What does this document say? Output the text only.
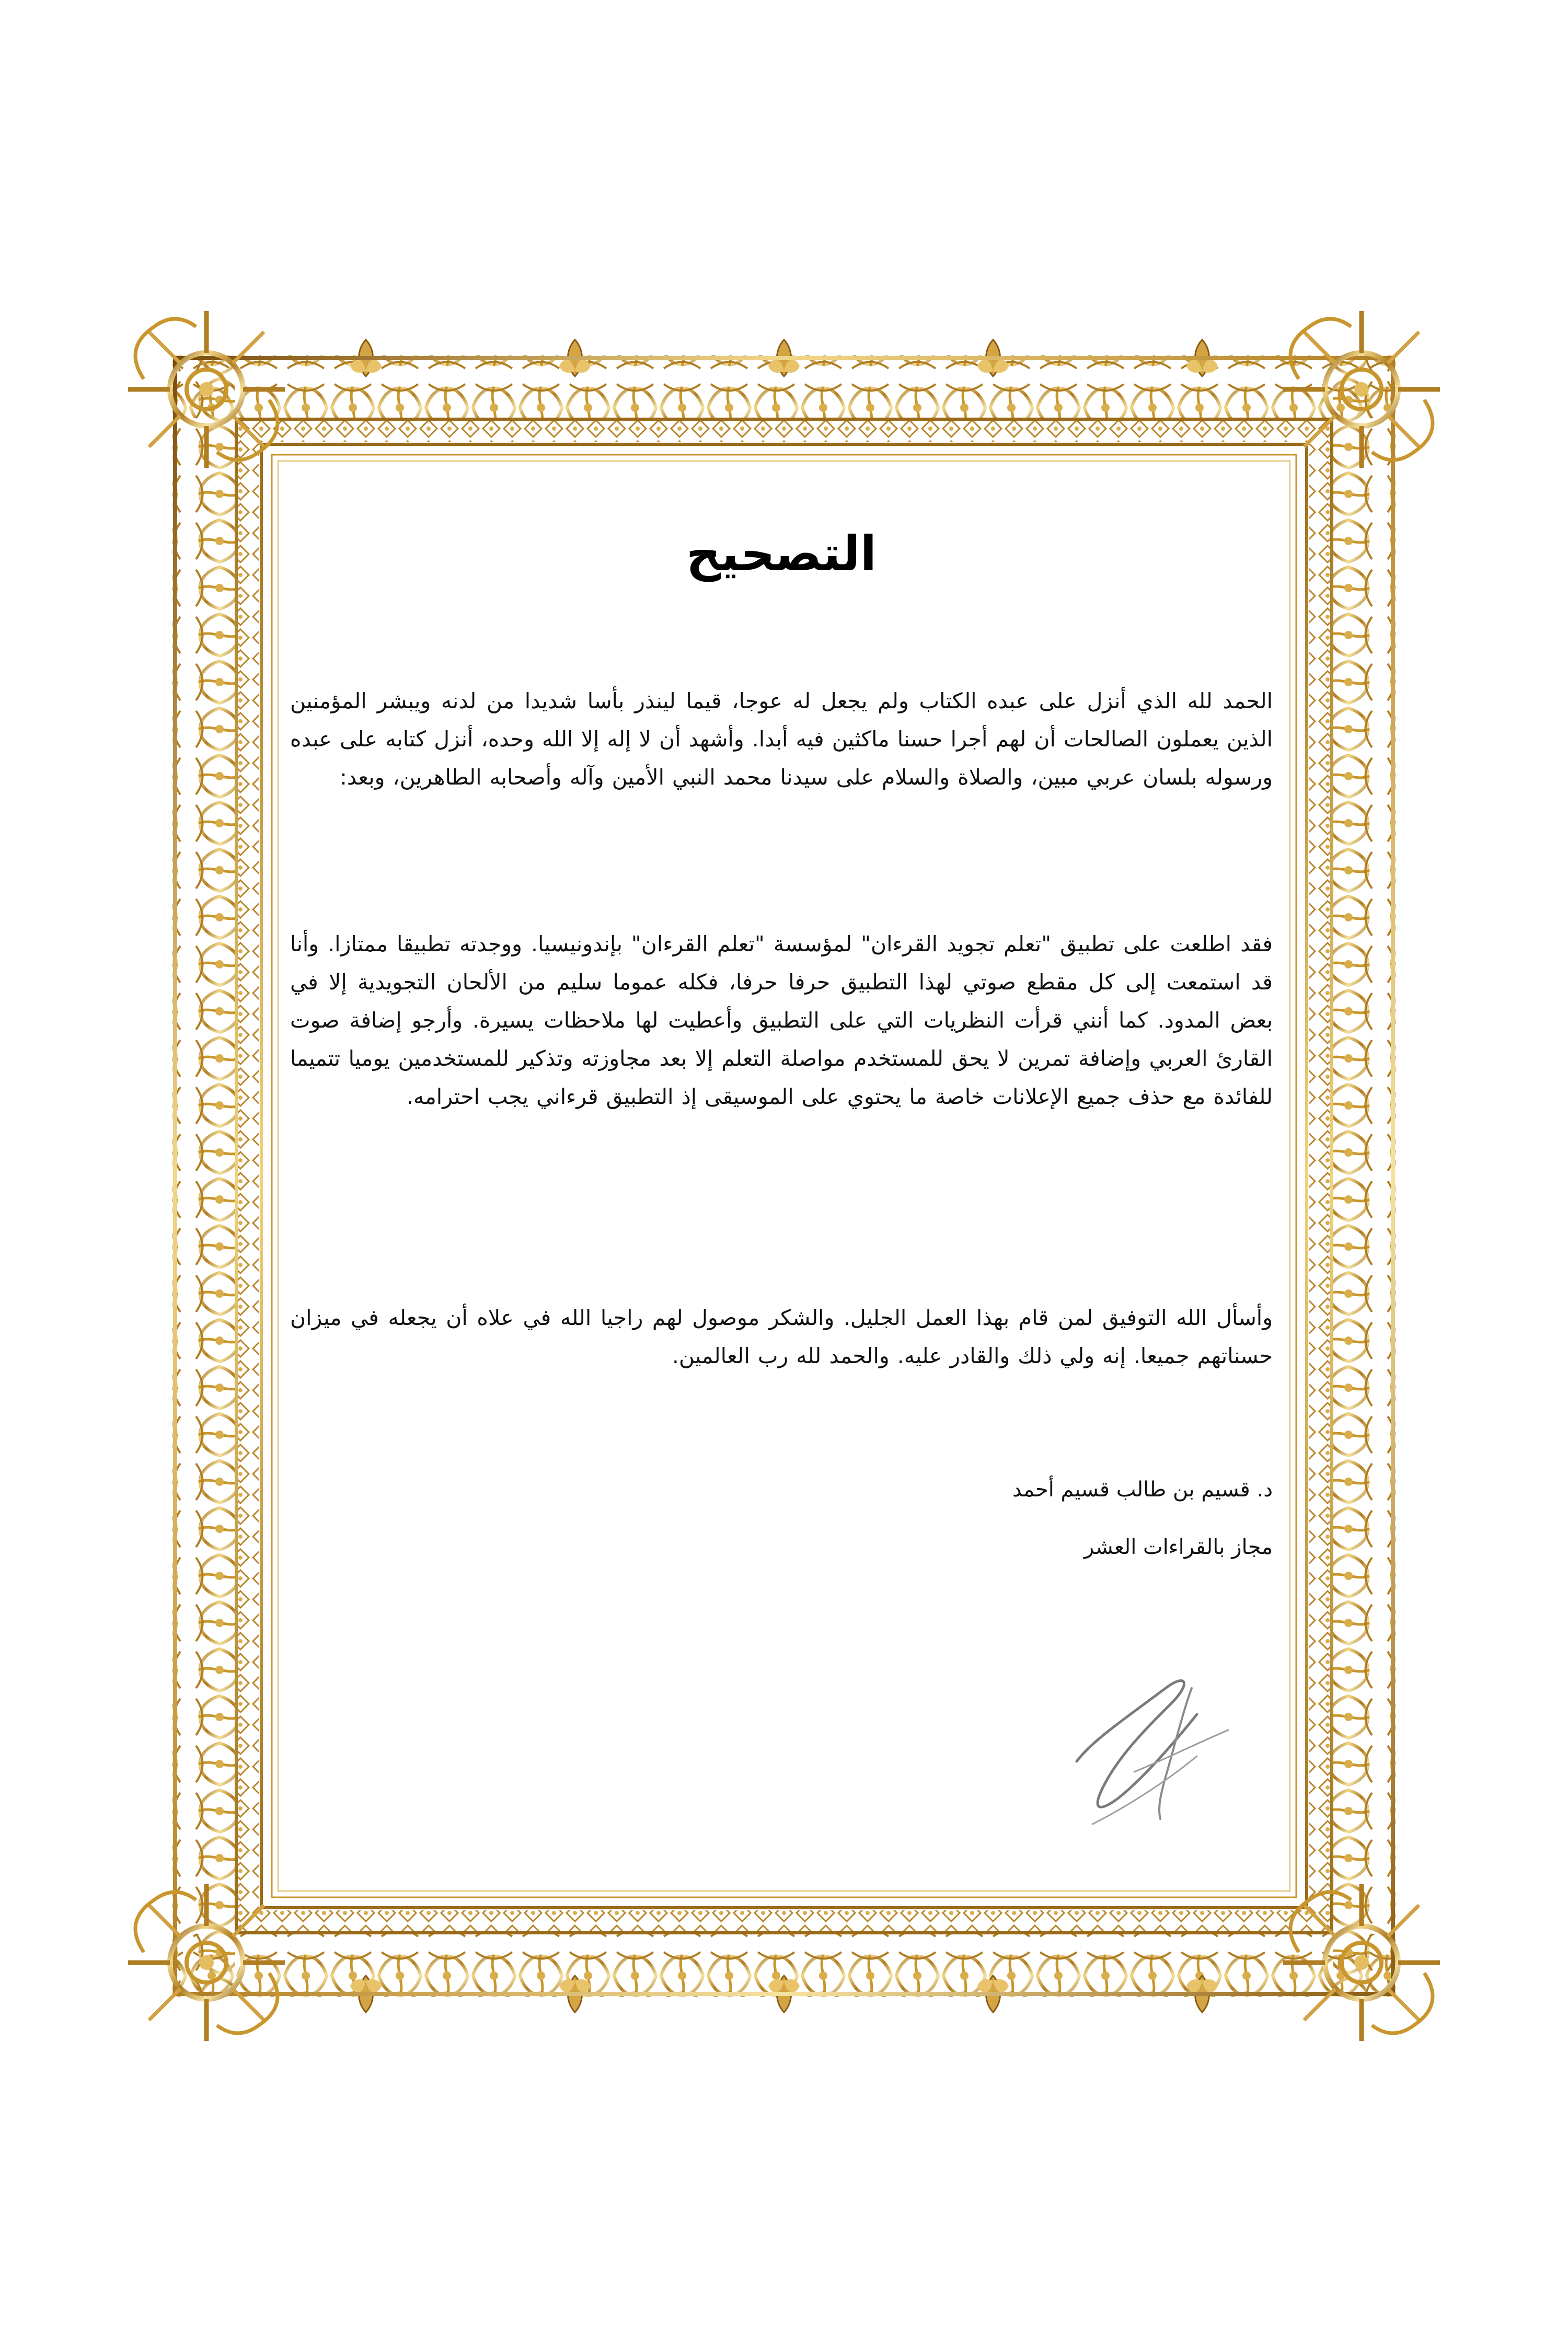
التصحيح

الحمد لله الذي أنزل على عبده الكتاب ولم يجعل له عوجا، قيما لينذر بأسا شديدا من لدنه ويبشر المؤمنين الذين يعملون الصالحات أن لهم أجرا حسنا ماكثين فيه أبدا. وأشهد أن لا إله إلا الله وحده، أنزل كتابه على عبده ورسوله بلسان عربي مبين، والصلاة والسلام على سيدنا محمد النبي الأمين وآله وأصحابه الطاهرين، وبعد:

فقد اطلعت على تطبيق "تعلم تجويد القرءان" لمؤسسة "تعلم القرءان" بإندونيسيا. ووجدته تطبيقا ممتازا. وأنا قد استمعت إلى كل مقطع صوتي لهذا التطبيق حرفا حرفا، فكله عموما سليم من الألحان التجويدية إلا في بعض المدود. كما أنني قرأت النظريات التي على التطبيق وأعطيت لها ملاحظات يسيرة. وأرجو إضافة صوت القارئ العربي وإضافة تمرين لا يحق للمستخدم مواصلة التعلم إلا بعد مجاوزته وتذكير للمستخدمين يوميا تتميما للفائدة مع حذف جميع الإعلانات خاصة ما يحتوي على الموسيقى إذ التطبيق قرءاني يجب احترامه.

وأسأل الله التوفيق لمن قام بهذا العمل الجليل. والشكر موصول لهم راجيا الله في علاه أن يجعله في ميزان حسناتهم جميعا. إنه ولي ذلك والقادر عليه. والحمد لله رب العالمين.

د. قسيم بن طالب قسيم أحمد
مجاز بالقراءات العشر
